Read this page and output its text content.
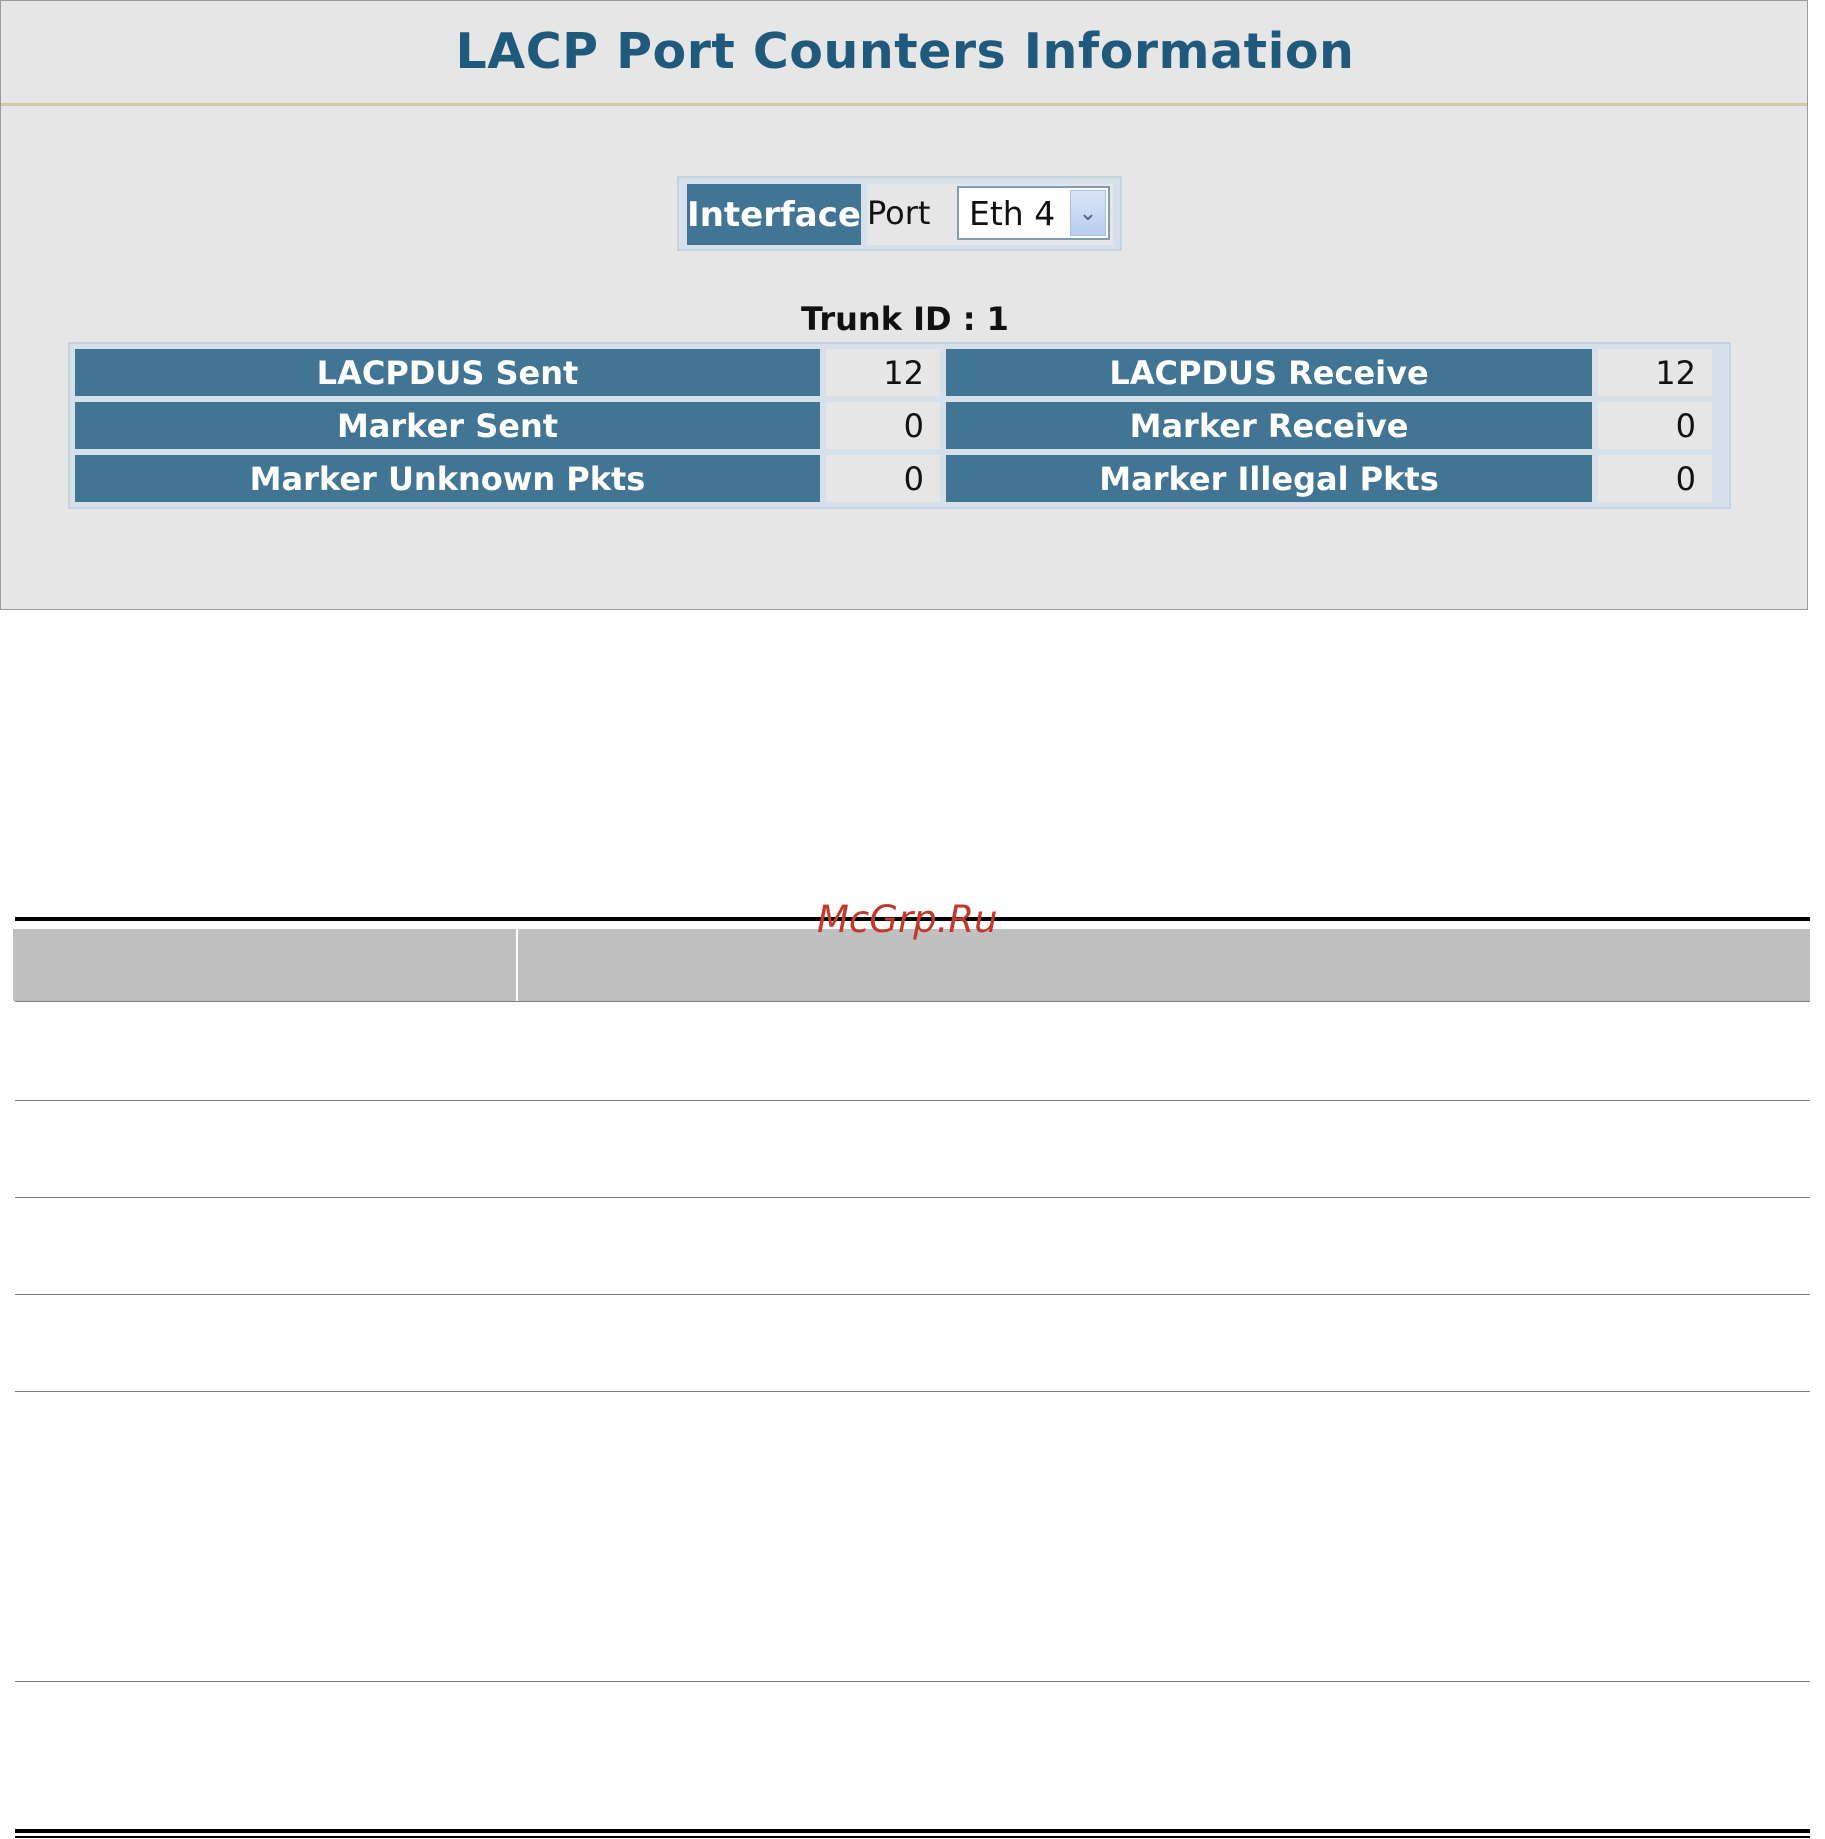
LACP Port Counters Information
Interface Port Eth 4	⌄
Trunk ID : 1
LACPDUS Sent	12	LACPDUS Receive	12
Marker Sent	0	Marker Receive	0
Marker Unknown Pkts	0	Marker Illegal Pkts	0
McGrp.Ru
